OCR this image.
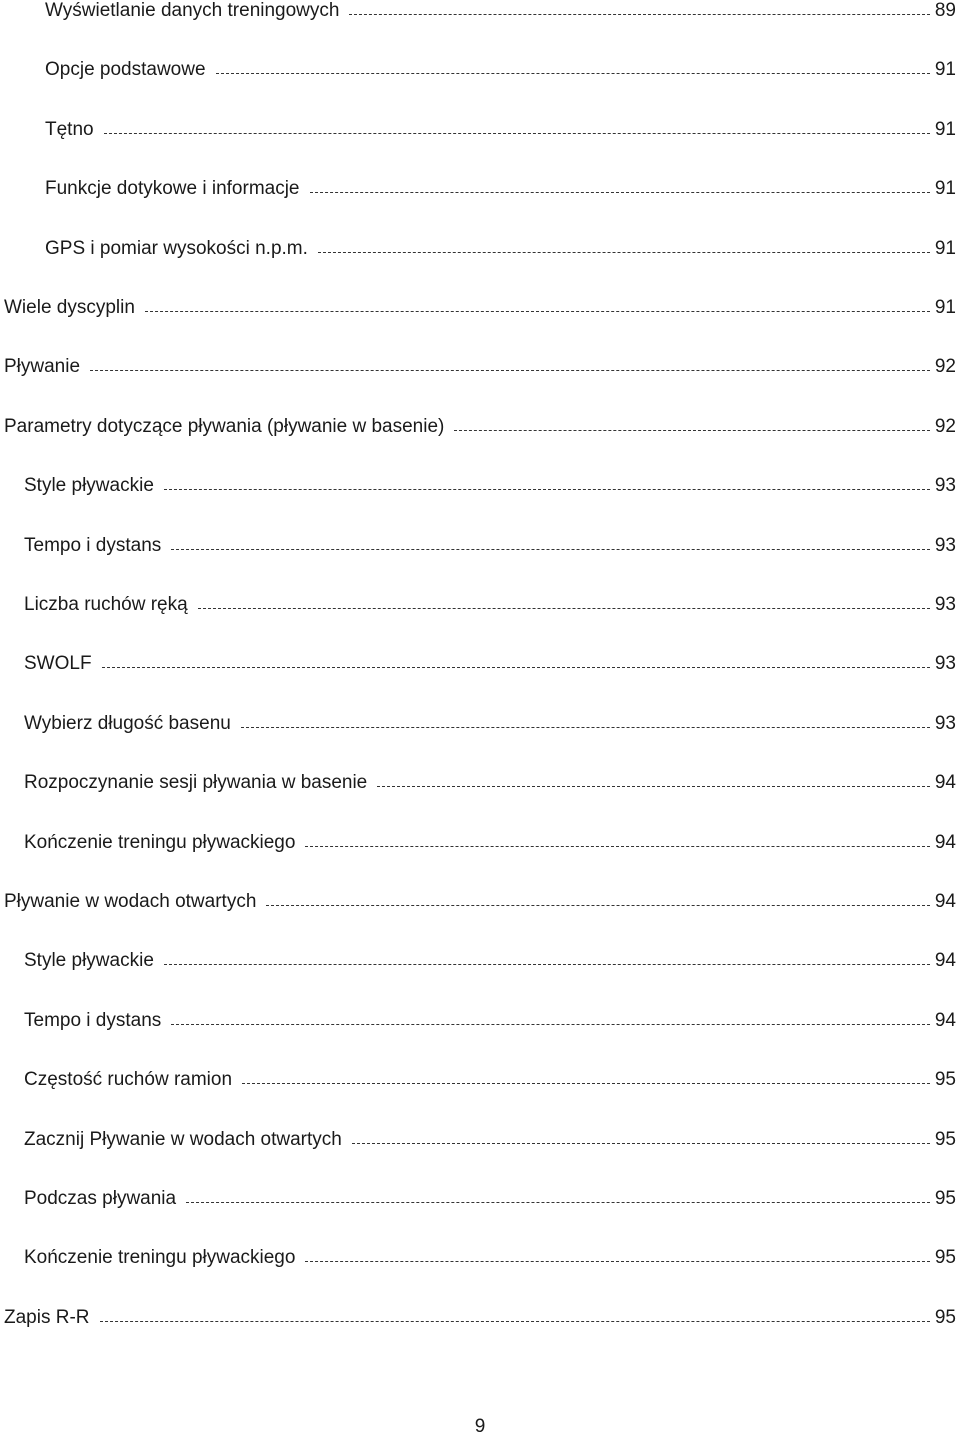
Wyświetlanie danych treningowych	89
Opcje podstawowe	91
Tętno	91
Funkcje dotykowe i informacje	91
GPS i pomiar wysokości n.p.m.	91
Wiele dyscyplin	91
Pływanie	92
Parametry dotyczące pływania (pływanie w basenie)	92
Style pływackie	93
Tempo i dystans	93
Liczba ruchów ręką	93
SWOLF	93
Wybierz długość basenu	93
Rozpoczynanie sesji pływania w basenie	94
Kończenie treningu pływackiego	94
Pływanie w wodach otwartych	94
Style pływackie	94
Tempo i dystans	94
Częstość ruchów ramion	95
Zacznij Pływanie w wodach otwartych	95
Podczas pływania	95
Kończenie treningu pływackiego	95
Zapis R-R	95
9
